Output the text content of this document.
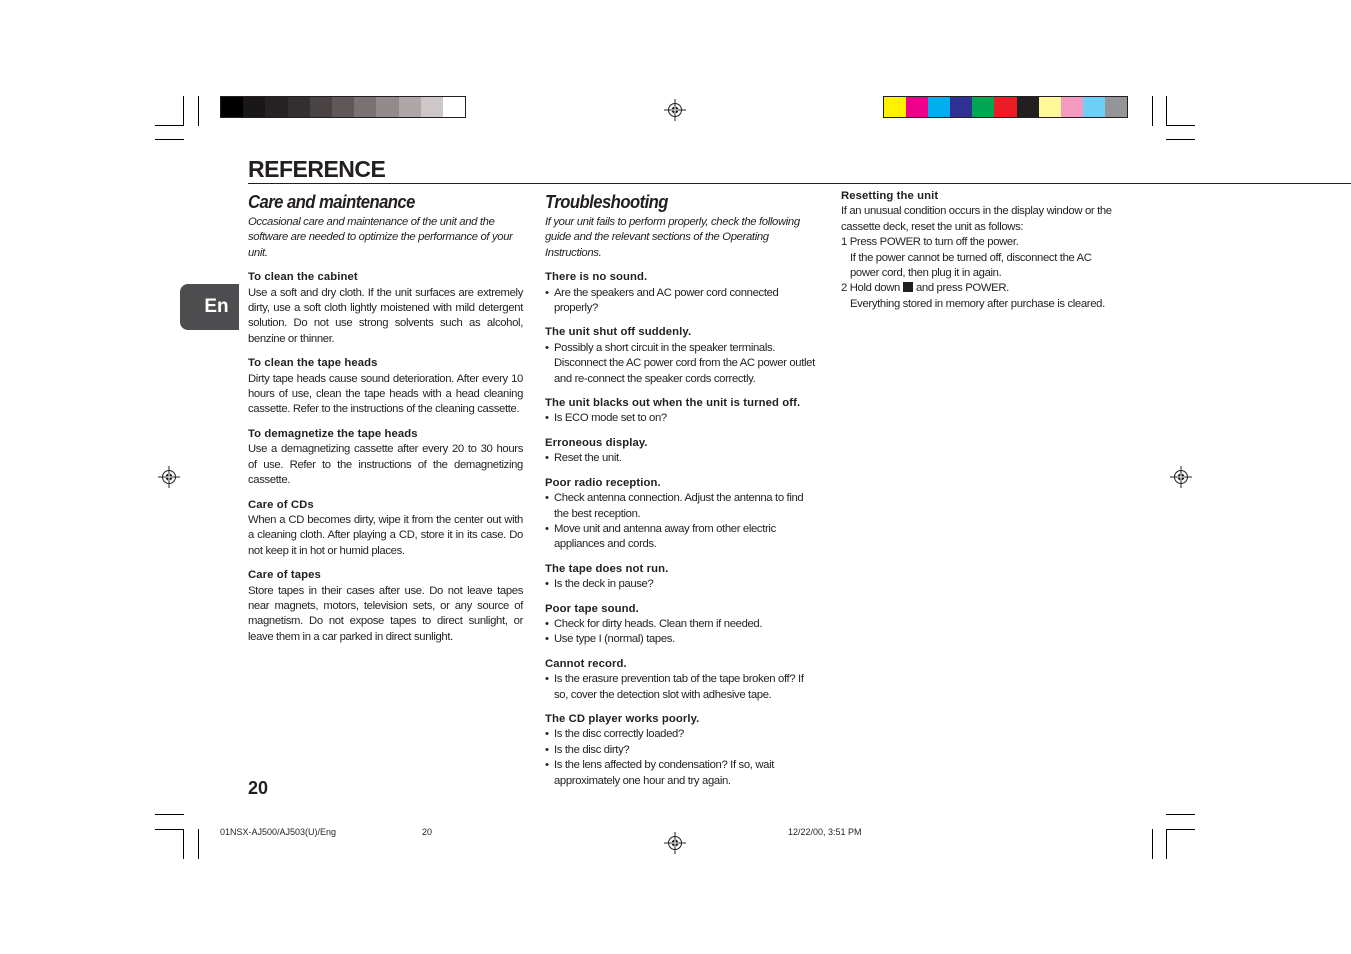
REFERENCE
En
Care and maintenance
Occasional care and maintenance of the unit and the software are needed to optimize the performance of your unit.
To clean the cabinet
Use a soft and dry cloth. If the unit surfaces are extremely dirty, use a soft cloth lightly moistened with mild detergent solution. Do not use strong solvents such as alcohol, benzine or thinner.
To clean the tape heads
Dirty tape heads cause sound deterioration. After every 10 hours of use, clean the tape heads with a head cleaning cassette. Refer to the instructions of the cleaning cassette.
To demagnetize the tape heads
Use a demagnetizing cassette after every 20 to 30 hours of use. Refer to the instructions of the demagnetizing cassette.
Care of CDs
When a CD becomes dirty, wipe it from the center out with a cleaning cloth. After playing a CD, store it in its case. Do not keep it in hot or humid places.
Care of tapes
Store tapes in their cases after use. Do not leave tapes near magnets, motors, television sets, or any source of magnetism. Do not expose tapes to direct sunlight, or leave them in a car parked in direct sunlight.
Troubleshooting
If your unit fails to perform properly, check the following guide and the relevant sections of the Operating Instructions.
There is no sound.
• Are the speakers and AC power cord connected properly?
The unit shut off suddenly.
• Possibly a short circuit in the speaker terminals. Disconnect the AC power cord from the AC power outlet and re-connect the speaker cords correctly.
The unit blacks out when the unit is turned off.
• Is ECO mode set to on?
Erroneous display.
• Reset the unit.
Poor radio reception.
• Check antenna connection. Adjust the antenna to find the best reception.
• Move unit and antenna away from other electric appliances and cords.
The tape does not run.
• Is the deck in pause?
Poor tape sound.
• Check for dirty heads. Clean them if needed.
• Use type I (normal) tapes.
Cannot record.
• Is the erasure prevention tab of the tape broken off? If so, cover the detection slot with adhesive tape.
The CD player works poorly.
• Is the disc correctly loaded?
• Is the disc dirty?
• Is the lens affected by condensation? If so, wait approximately one hour and try again.
Resetting the unit
If an unusual condition occurs in the display window or the cassette deck, reset the unit as follows:
1 Press POWER to turn off the power.
If the power cannot be turned off, disconnect the AC power cord, then plug it in again.
2 Hold down and press POWER.
Everything stored in memory after purchase is cleared.
20
01NSX-AJ500/AJ503(U)/Eng	20	12/22/00, 3:51 PM
